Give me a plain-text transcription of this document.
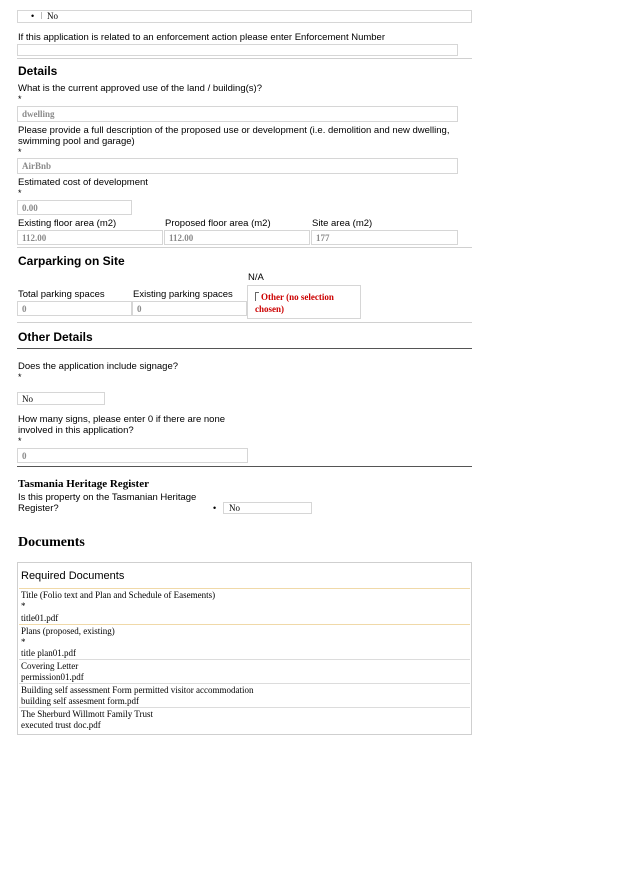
• No
If this application is related to an enforcement action please enter Enforcement Number
Details
What is the current approved use of the land / building(s)?
*
dwelling
Please provide a full description of the proposed use or development (i.e. demolition and new dwelling,
swimming pool and garage)
*
AirBnb
Estimated cost of development
*
0.00
Existing floor area (m2)	Proposed floor area (m2)	Site area (m2)
112.00	112.00	177
Carparking on Site
N/A
Total parking spaces	Existing parking spaces
0	0
Other (no selection
chosen)
Other Details
Does the application include signage?
*
No
How many signs, please enter 0 if there are none
involved in this application?
*
0
Tasmania Heritage Register
Is this property on the Tasmanian Heritage
Register?	• No
Documents
Required Documents
Title (Folio text and Plan and Schedule of Easements)
*
title01.pdf
Plans (proposed, existing)
*
title plan01.pdf
Covering Letter
permission01.pdf
Building self assessment Form permitted visitor accommodation
building self assesment form.pdf
The Sherburd Willmott Family Trust
executed trust doc.pdf
